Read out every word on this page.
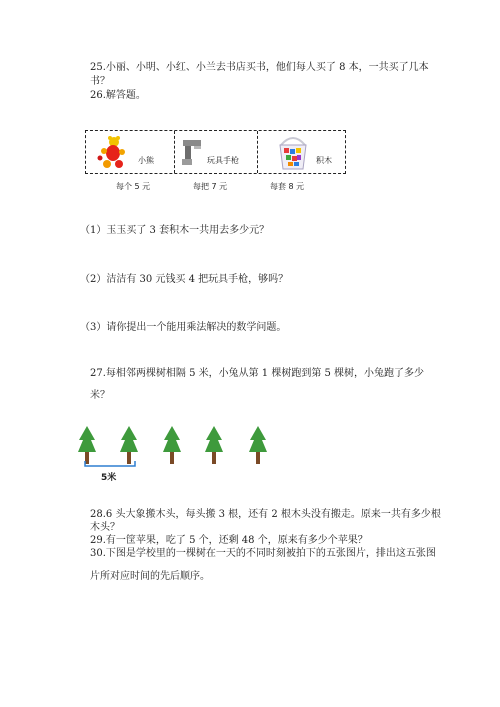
25.小丽、小明、小红、小兰去书店买书，他们每人买了 8 本，一共买了几本
书？
26.解答题。
小熊	玩具手枪	积木
每个 5 元	每把 7 元	每套 8 元
（1）玉玉买了 3 套积木一共用去多少元？
（2）洁洁有 30 元钱买 4 把玩具手枪，够吗？
（3）请你提出一个能用乘法解决的数学问题。
27.每相邻两棵树相隔 5 米，小兔从第 1 棵树跑到第 5 棵树，小兔跑了多少
米？
5米
28.6 头大象搬木头，每头搬 3 根，还有 2 根木头没有搬走。原来一共有多少根
木头？
29.有一筐苹果，吃了 5 个，还剩 48 个，原来有多少个苹果？
30.下图是学校里的一棵树在一天的不同时刻被拍下的五张图片，排出这五张图
片所对应时间的先后顺序。
